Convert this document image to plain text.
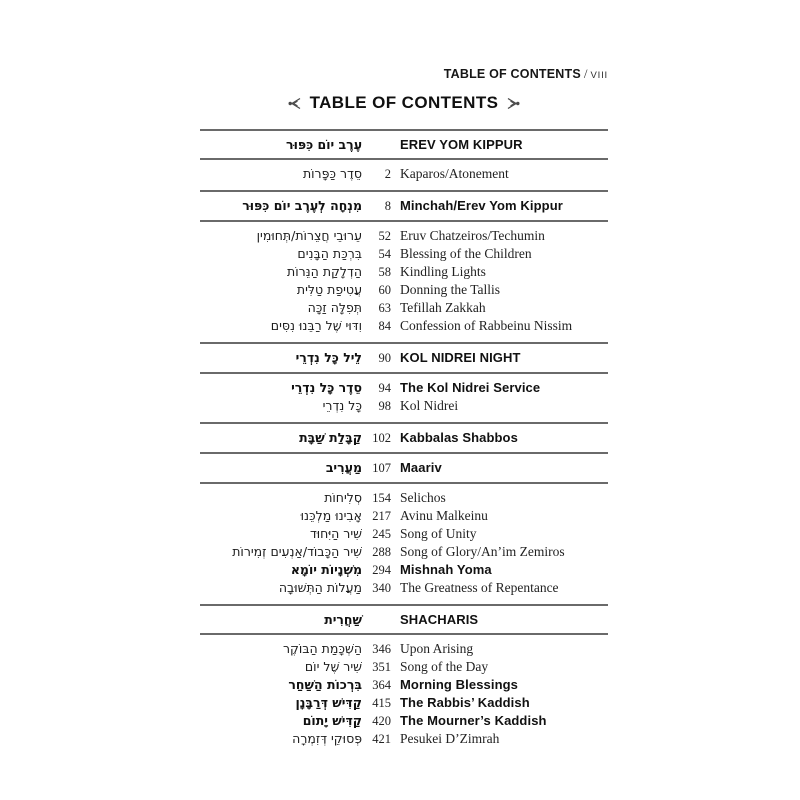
TABLE OF CONTENTS / VIII
TABLE OF CONTENTS
עֶרֶב יוֹם כִּפּוּר	EREV YOM KIPPUR
סֵדֶר כַּפָּרוֹת	2 Kaparos/Atonement
מִנְחָה לְעֶרֶב יוֹם כִּפּוּר	8 Minchah/Erev Yom Kippur
עֵרוּבֵי חֲצֵרוֹת/תְּחוּמִין	52 Eruv Chatzeiros/Techumin
בִּרְכַּת הַבָּנִים	54 Blessing of the Children
הַדְלָקַת הַנֵּרוֹת	58 Kindling Lights
עֲטִיפַת טַלִּית	60 Donning the Tallis
תְּפִלָּה זַכָּה	63 Tefillah Zakkah
וִדּוּי שֶׁל רַבֵּנוּ נִסִּים	84 Confession of Rabbeinu Nissim
לֵיל כָּל נִדְרֵי	90 KOL NIDREI NIGHT
סֵדֶר כָּל נִדְרֵי	94 The Kol Nidrei Service
כָּל נִדְרֵי	98 Kol Nidrei
קַבָּלַת שַׁבָּת 102 Kabbalas Shabbos
מַעֲרִיב 107 Maariv
סְלִיחוֹת 154 Selichos
אָבִינוּ מַלְכֵּנוּ 217 Avinu Malkeinu
שִׁיר הַיִּחוּד 245 Song of Unity
שִׁיר הַכָּבוֹד/אַנְעִים זְמִירוֹת 288 Song of Glory/An’im Zemiros
מִשְׁנָיוֹת יוֹמָא 294 Mishnah Yoma
מַעֲלוֹת הַתְּשׁוּבָה 340 The Greatness of Repentance
שַׁחֲרִית	SHACHARIS
הַשְׁכָּמַת הַבּוֹקֶר 346 Upon Arising
שִׁיר שֶׁל יוֹם 351 Song of the Day
בִּרְכוֹת הַשַּׁחַר 364 Morning Blessings
קַדִּישׁ דְּרַבָּנָן 415 The Rabbis’ Kaddish
קַדִּישׁ יָתוֹם 420 The Mourner’s Kaddish
פְּסוּקֵי דְּזִמְרָה 421 Pesukei D’Zimrah
